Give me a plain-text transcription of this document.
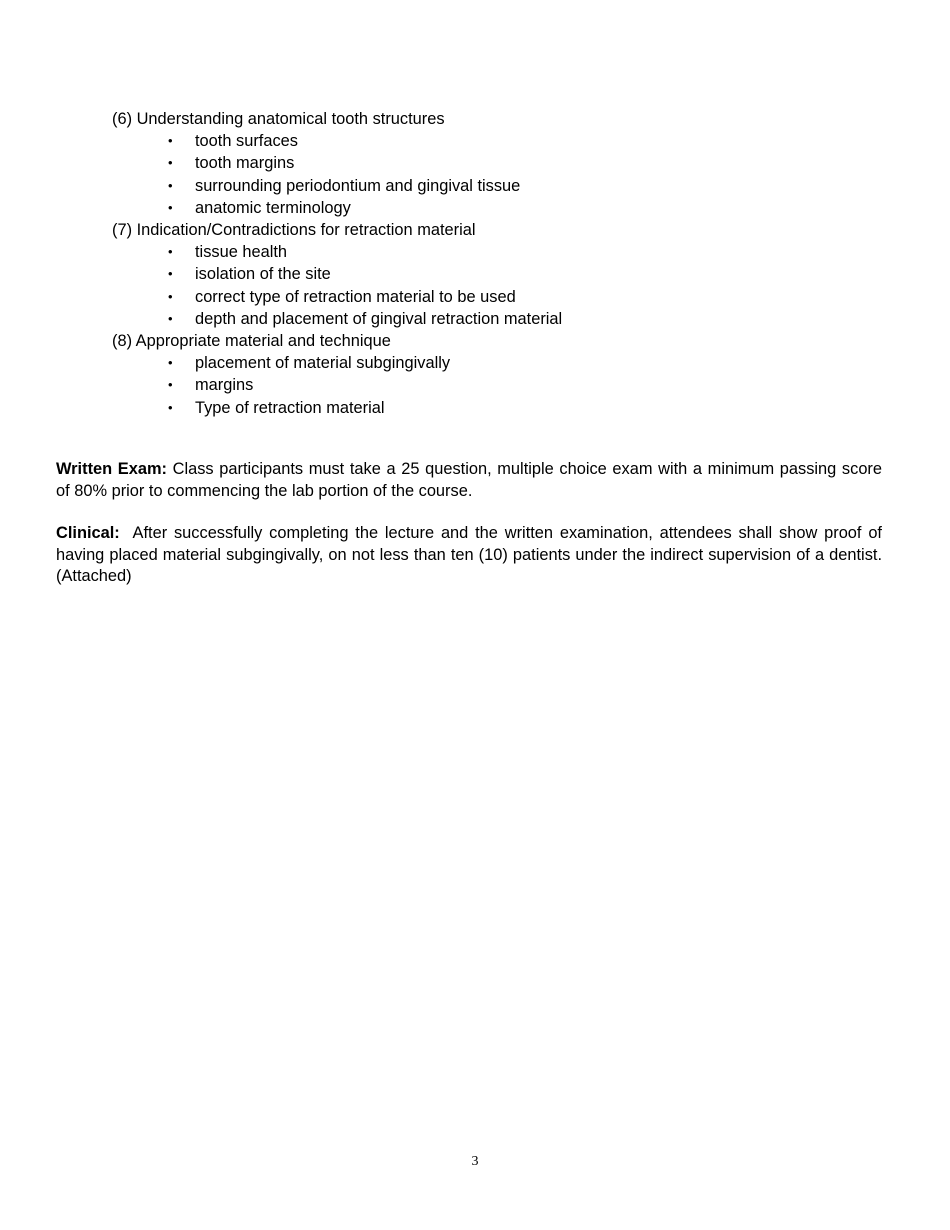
(6) Understanding anatomical tooth structures

• tooth surfaces
• tooth margins
• surrounding periodontium and gingival tissue
• anatomic terminology

(7) Indication/Contradictions for retraction material

• tissue health
• isolation of the site
• correct type of retraction material to be used
• depth and placement of gingival retraction material

(8) Appropriate material and technique

• placement of material subgingivally
• margins
• Type of retraction material

Written Exam: Class participants must take a 25 question, multiple choice exam with a minimum passing score of 80% prior to commencing the lab portion of the course.

Clinical:  After successfully completing the lecture and the written examination, attendees shall show proof of having placed material subgingivally, on not less than ten (10) patients under the indirect supervision of a dentist. (Attached)

3
